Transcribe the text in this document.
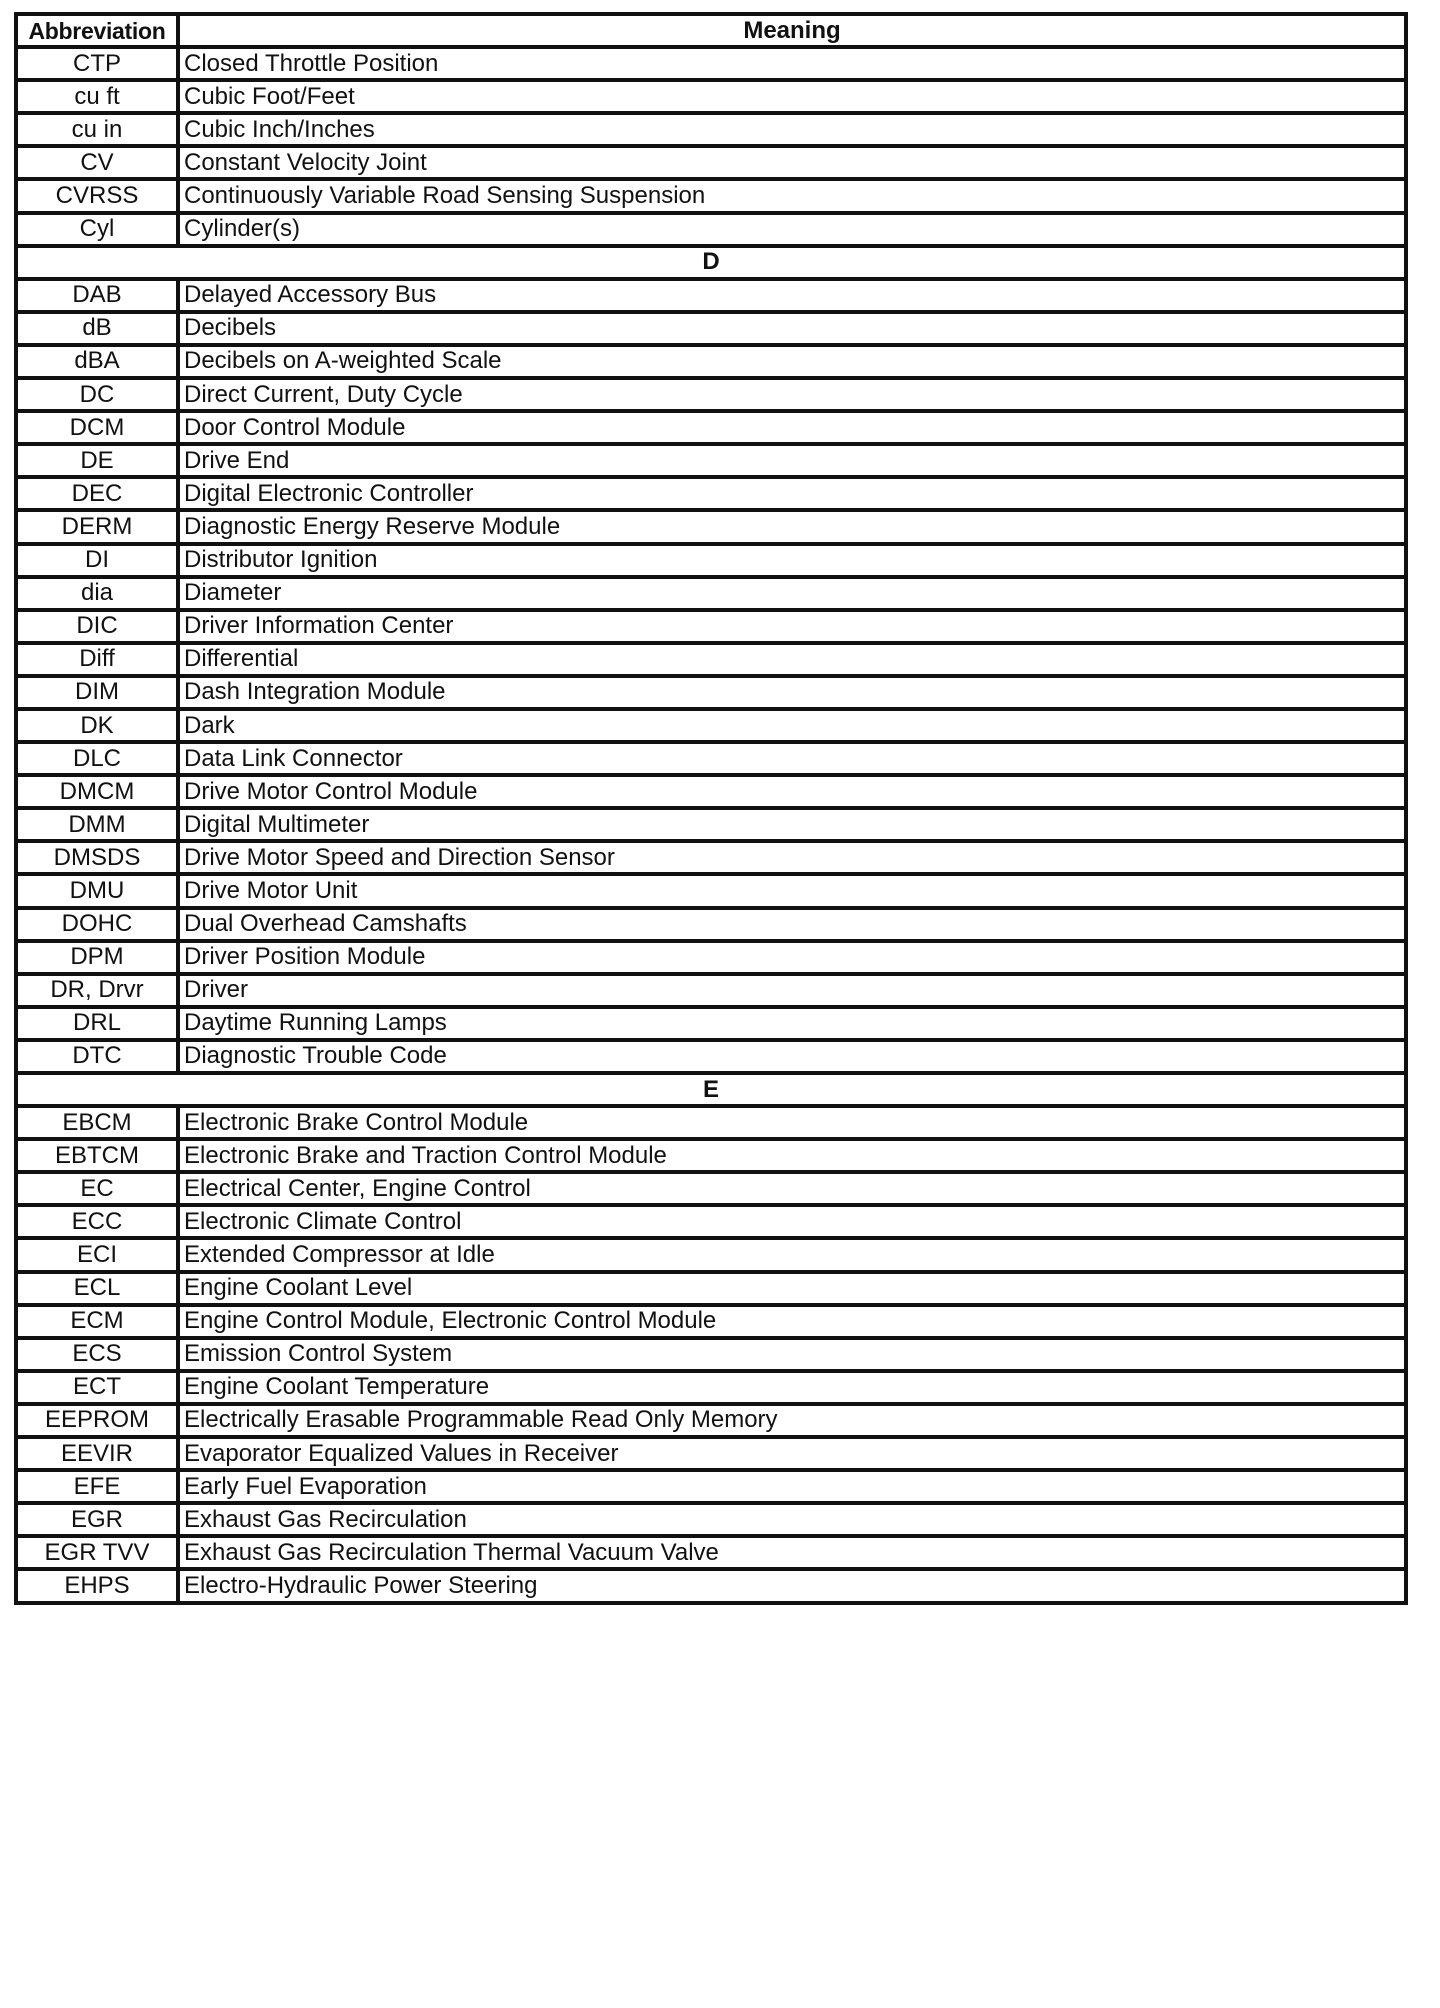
Abbreviation	Meaning
CTP	Closed Throttle Position
cu ft	Cubic Foot/Feet
cu in	Cubic Inch/Inches
CV	Constant Velocity Joint
CVRSS	Continuously Variable Road Sensing Suspension
Cyl	Cylinder(s)
D	
DAB	Delayed Accessory Bus
dB	Decibels
dBA	Decibels on A-weighted Scale
DC	Direct Current, Duty Cycle
DCM	Door Control Module
DE	Drive End
DEC	Digital Electronic Controller
DERM	Diagnostic Energy Reserve Module
DI	Distributor Ignition
dia	Diameter
DIC	Driver Information Center
Diff	Differential
DIM	Dash Integration Module
DK	Dark
DLC	Data Link Connector
DMCM	Drive Motor Control Module
DMM	Digital Multimeter
DMSDS	Drive Motor Speed and Direction Sensor
DMU	Drive Motor Unit
DOHC	Dual Overhead Camshafts
DPM	Driver Position Module
DR, Drvr	Driver
DRL	Daytime Running Lamps
DTC	Diagnostic Trouble Code
E	
EBCM	Electronic Brake Control Module
EBTCM	Electronic Brake and Traction Control Module
EC	Electrical Center, Engine Control
ECC	Electronic Climate Control
ECI	Extended Compressor at Idle
ECL	Engine Coolant Level
ECM	Engine Control Module, Electronic Control Module
ECS	Emission Control System
ECT	Engine Coolant Temperature
EEPROM	Electrically Erasable Programmable Read Only Memory
EEVIR	Evaporator Equalized Values in Receiver
EFE	Early Fuel Evaporation
EGR	Exhaust Gas Recirculation
EGR TVV	Exhaust Gas Recirculation Thermal Vacuum Valve
EHPS	Electro-Hydraulic Power Steering
